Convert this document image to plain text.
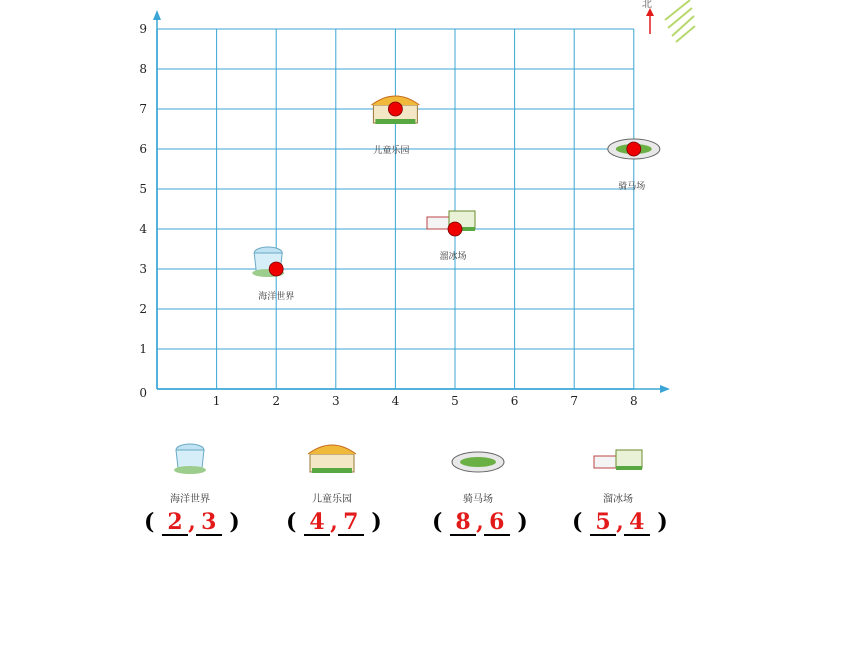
1	2	3	4	5	6	7	8
0
1
2
3
4
5
6
7
8
9
海洋世界
儿童乐园
骑马场
溜冰场
北
海洋世界
( 2 , 3 )
儿童乐园
( 4 , 7 )
骑马场
( 8 , 6 )
溜冰场
( 5 , 4 )
